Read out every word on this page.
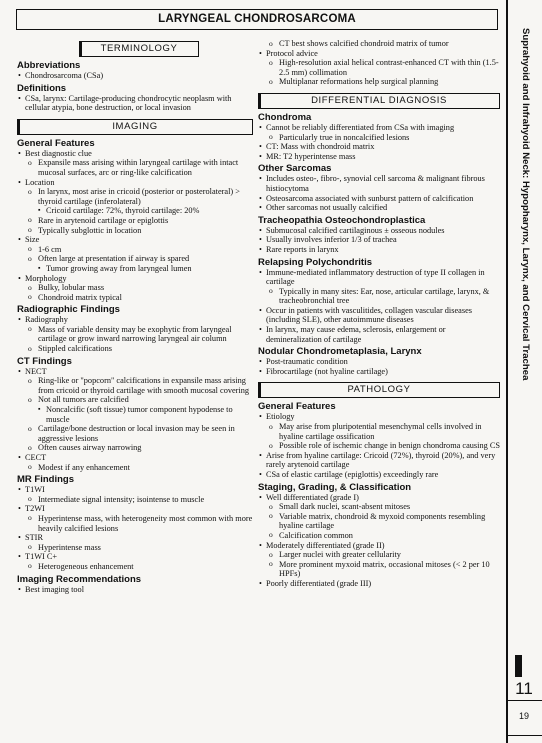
LARYNGEAL CHONDROSARCOMA
TERMINOLOGY
Abbreviations
• Chondrosarcoma (CSa)
Definitions
• CSa, larynx: Cartilage-producing chondrocytic neoplasm with cellular atypia, bone destruction, or local invasion
IMAGING
General Features
• Best diagnostic clue
o Expansile mass arising within laryngeal cartilage with intact mucosal surfaces, arc or ring-like calcification
• Location
o In larynx, most arise in cricoid (posterior or posterolateral) > thyroid cartilage (inferolateral)
▪ Cricoid cartilage: 72%, thyroid cartilage: 20%
o Rare in arytenoid cartilage or epiglottis
o Typically subglottic in location
• Size
o 1-6 cm
o Often large at presentation if airway is spared
▪ Tumor growing away from laryngeal lumen
• Morphology
o Bulky, lobular mass
o Chondroid matrix typical
Radiographic Findings
• Radiography
o Mass of variable density may be exophytic from laryngeal cartilage or grow inward narrowing laryngeal air column
o Stippled calcifications
CT Findings
• NECT
o Ring-like or "popcorn" calcifications in expansile mass arising from cricoid or thyroid cartilage with smooth mucosal covering
o Not all tumors are calcified
▪ Noncalcific (soft tissue) tumor component hypodense to muscle
o Cartilage/bone destruction or local invasion may be seen in aggressive lesions
o Often causes airway narrowing
• CECT
o Modest if any enhancement
MR Findings
• T1WI
o Intermediate signal intensity; isointense to muscle
• T2WI
o Hyperintense mass, with heterogeneity most common with more heavily calcified lesions
• STIR
o Hyperintense mass
• T1WI C+
o Heterogeneous enhancement
Imaging Recommendations
• Best imaging tool
o CT best shows calcified chondroid matrix of tumor
• Protocol advice
o High-resolution axial helical contrast-enhanced CT with thin (1.5-2.5 mm) collimation
o Multiplanar reformations help surgical planning
DIFFERENTIAL DIAGNOSIS
Chondroma
• Cannot be reliably differentiated from CSa with imaging
o Particularly true in noncalcified lesions
• CT: Mass with chondroid matrix
• MR: T2 hyperintense mass
Other Sarcomas
• Includes osteo-, fibro-, synovial cell sarcoma & malignant fibrous histiocytoma
• Osteosarcoma associated with sunburst pattern of calcification
• Other sarcomas not usually calcified
Tracheopathia Osteochondroplastica
• Submucosal calcified cartilaginous ± osseous nodules
• Usually involves inferior 1/3 of trachea
• Rare reports in larynx
Relapsing Polychondritis
• Immune-mediated inflammatory destruction of type II collagen in cartilage
o Typically in many sites: Ear, nose, articular cartilage, larynx, & tracheobronchial tree
• Occur in patients with vasculitides, collagen vascular diseases (including SLE), other autoimmune diseases
• In larynx, may cause edema, sclerosis, enlargement or demineralization of cartilage
Nodular Chondrometaplasia, Larynx
• Post-traumatic condition
• Fibrocartilage (not hyaline cartilage)
PATHOLOGY
General Features
• Etiology
o May arise from pluripotential mesenchymal cells involved in hyaline cartilage ossification
o Possible role of ischemic change in benign chondroma causing CS
• Arise from hyaline cartilage: Cricoid (72%), thyroid (20%), and very rarely arytenoid cartilage
• CSa of elastic cartilage (epiglottis) exceedingly rare
Staging, Grading, & Classification
• Well differentiated (grade I)
o Small dark nuclei, scant-absent mitoses
o Variable matrix, chondroid & myxoid components resembling hyaline cartilage
o Calcification common
• Moderately differentiated (grade II)
o Larger nuclei with greater cellularity
o More prominent myxoid matrix, occasional mitoses (< 2 per 10 HPFs)
• Poorly differentiated (grade III)
Suprahyoid and Infrahyoid Neck: Hypopharynx, Larynx, and Cervical Trachea
11
19
